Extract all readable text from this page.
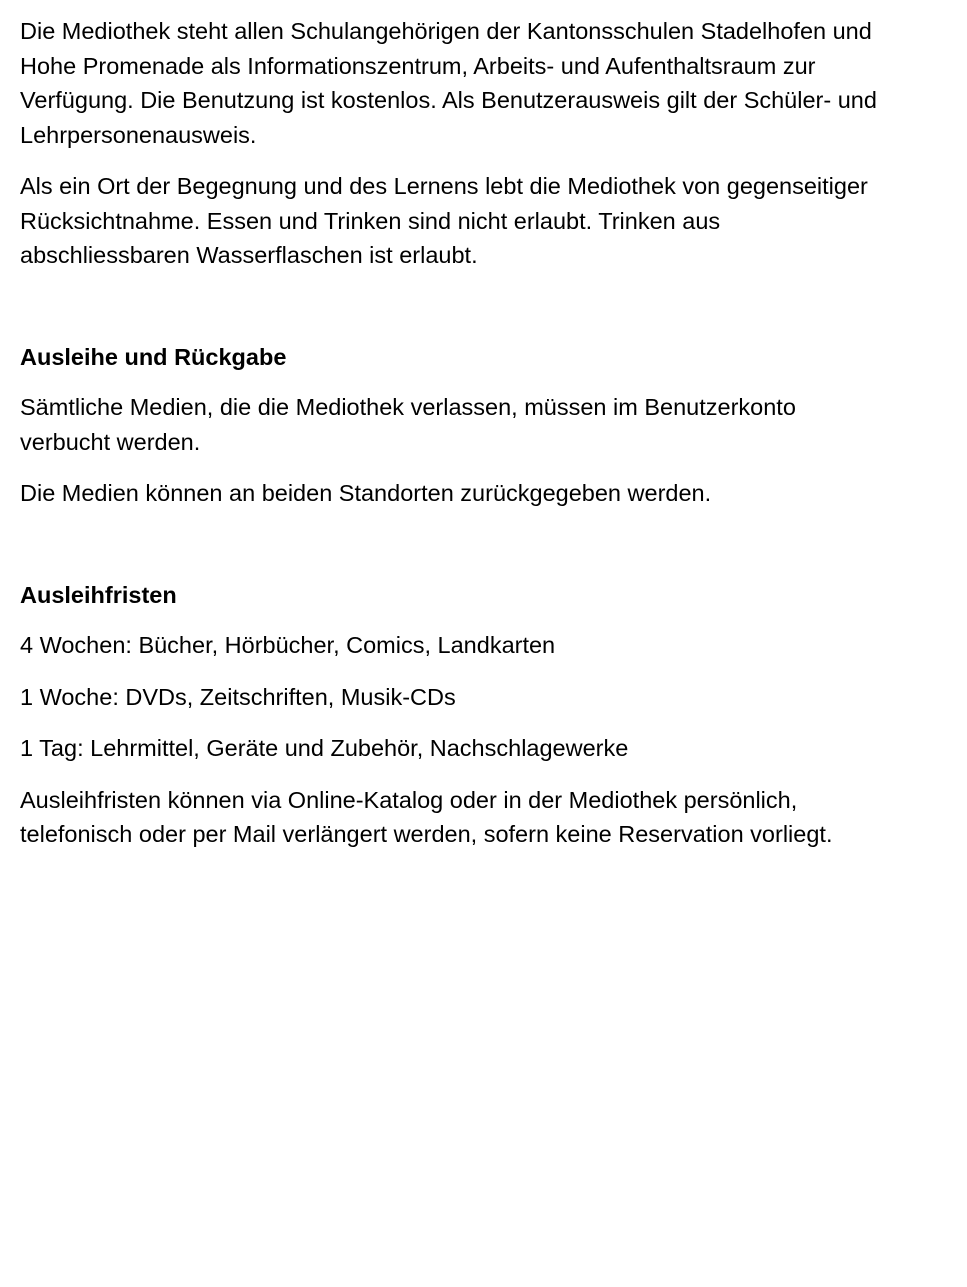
Die Mediothek steht allen Schulangehörigen der Kantonsschulen Stadelhofen und
Hohe Promenade als Informationszentrum, Arbeits- und Aufenthaltsraum zur
Verfügung. Die Benutzung ist kostenlos. Als Benutzerausweis gilt der Schüler- und
Lehrpersonenausweis.

Als ein Ort der Begegnung und des Lernens lebt die Mediothek von gegenseitiger
Rücksichtnahme. Essen und Trinken sind nicht erlaubt. Trinken aus
abschliessbaren Wasserflaschen ist erlaubt.

Ausleihe und Rückgabe

Sämtliche Medien, die die Mediothek verlassen, müssen im Benutzerkonto
verbucht werden.

Die Medien können an beiden Standorten zurückgegeben werden.

Ausleihfristen

4 Wochen: Bücher, Hörbücher, Comics, Landkarten

1 Woche: DVDs, Zeitschriften, Musik-CDs

1 Tag: Lehrmittel, Geräte und Zubehör, Nachschlagewerke

Ausleihfristen können via Online-Katalog oder in der Mediothek persönlich,
telefonisch oder per Mail verlängert werden, sofern keine Reservation vorliegt.
